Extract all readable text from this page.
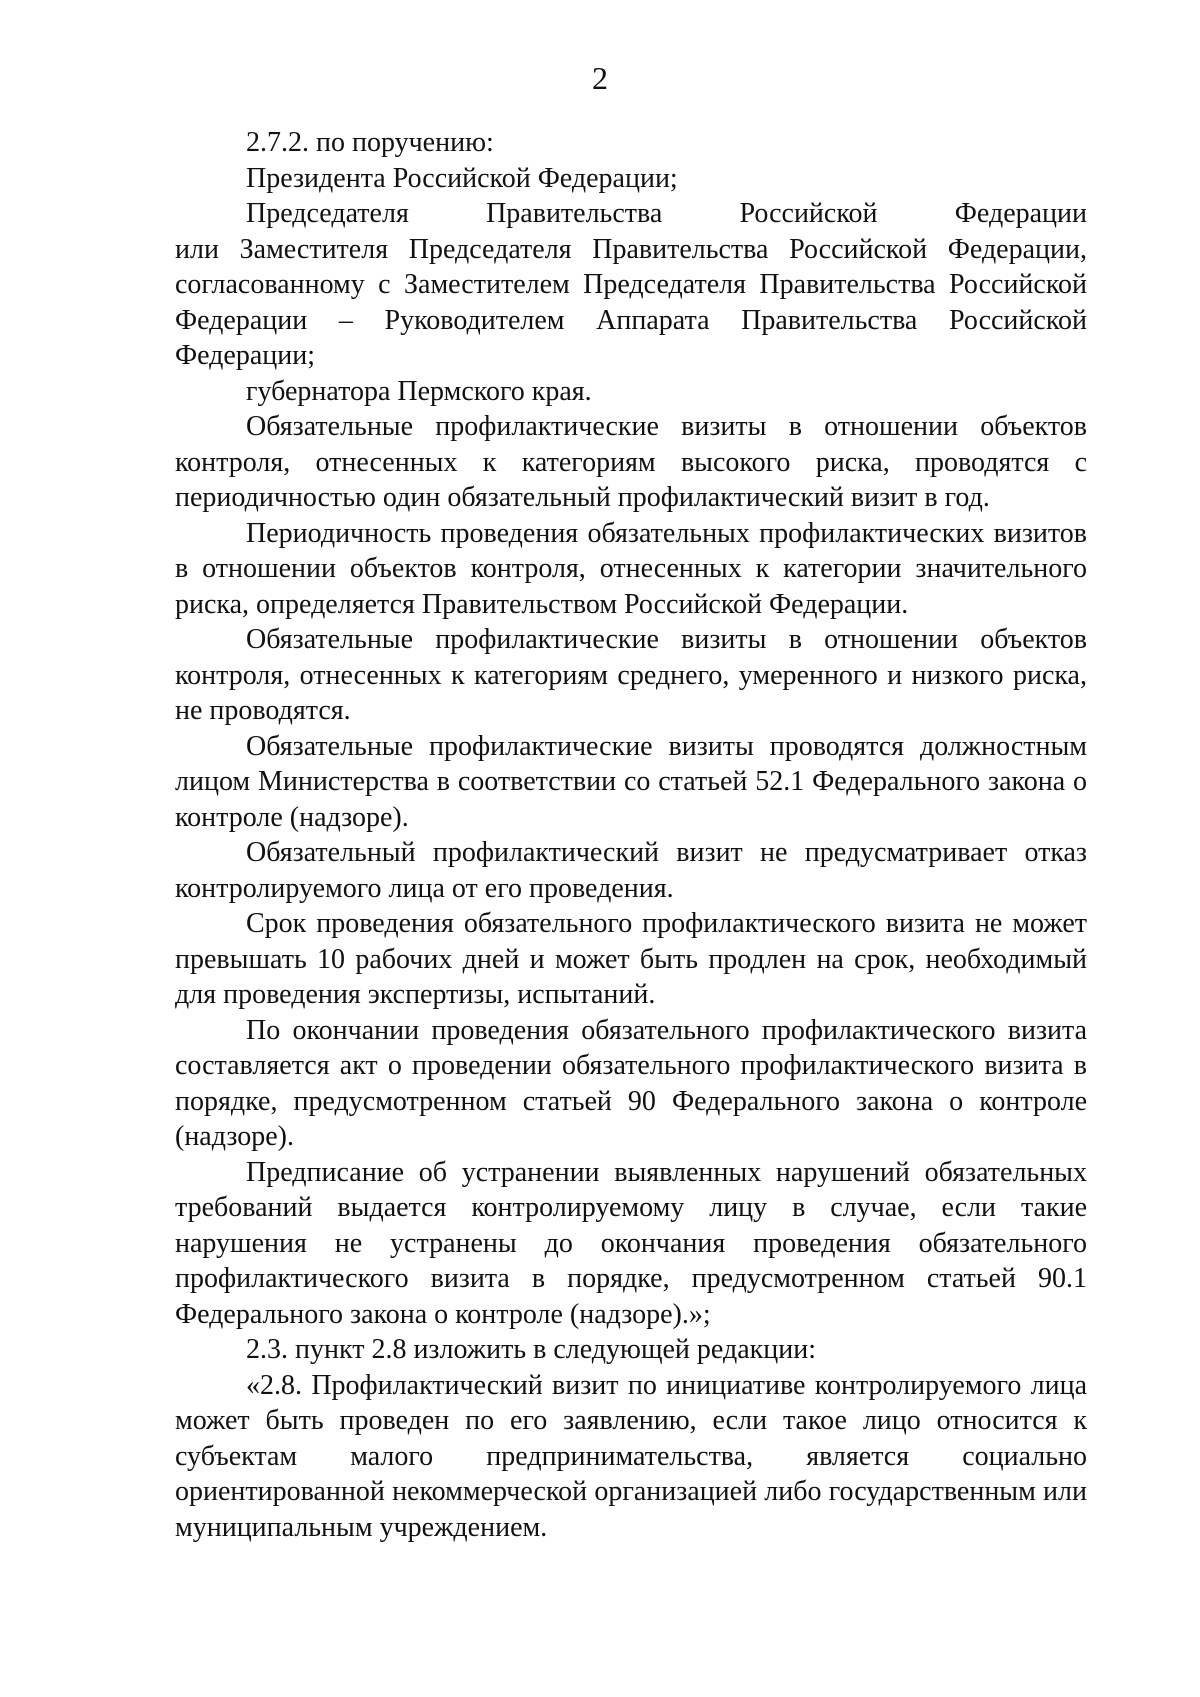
2

2.7.2. по поручению:

Президента Российской Федерации;

Председателя Правительства Российской Федерации

или Заместителя Председателя Правительства Российской Федерации, согласованному с Заместителем Председателя Правительства Российской Федерации – Руководителем Аппарата Правительства Российской Федерации;

губернатора Пермского края.

Обязательные профилактические визиты в отношении объектов контроля, отнесенных к категориям высокого риска, проводятся с периодичностью один обязательный профилактический визит в год.

Периодичность проведения обязательных профилактических визитов в отношении объектов контроля, отнесенных к категории значительного риска, определяется Правительством Российской Федерации.

Обязательные профилактические визиты в отношении объектов контроля, отнесенных к категориям среднего, умеренного и низкого риска, не проводятся.

Обязательные профилактические визиты проводятся должностным лицом Министерства в соответствии со статьей 52.1 Федерального закона о контроле (надзоре).

Обязательный профилактический визит не предусматривает отказ контролируемого лица от его проведения.

Срок проведения обязательного профилактического визита не может превышать 10 рабочих дней и может быть продлен на срок, необходимый для проведения экспертизы, испытаний.

По окончании проведения обязательного профилактического визита составляется акт о проведении обязательного профилактического визита в порядке, предусмотренном статьей 90 Федерального закона о контроле (надзоре).

Предписание об устранении выявленных нарушений обязательных требований выдается контролируемому лицу в случае, если такие нарушения не устранены до окончания проведения обязательного профилактического визита в порядке, предусмотренном статьей 90.1 Федерального закона о контроле (надзоре).»;

2.3. пункт 2.8 изложить в следующей редакции:

«2.8. Профилактический визит по инициативе контролируемого лица может быть проведен по его заявлению, если такое лицо относится к субъектам малого предпринимательства, является социально ориентированной некоммерческой организацией либо государственным или муниципальным учреждением.
